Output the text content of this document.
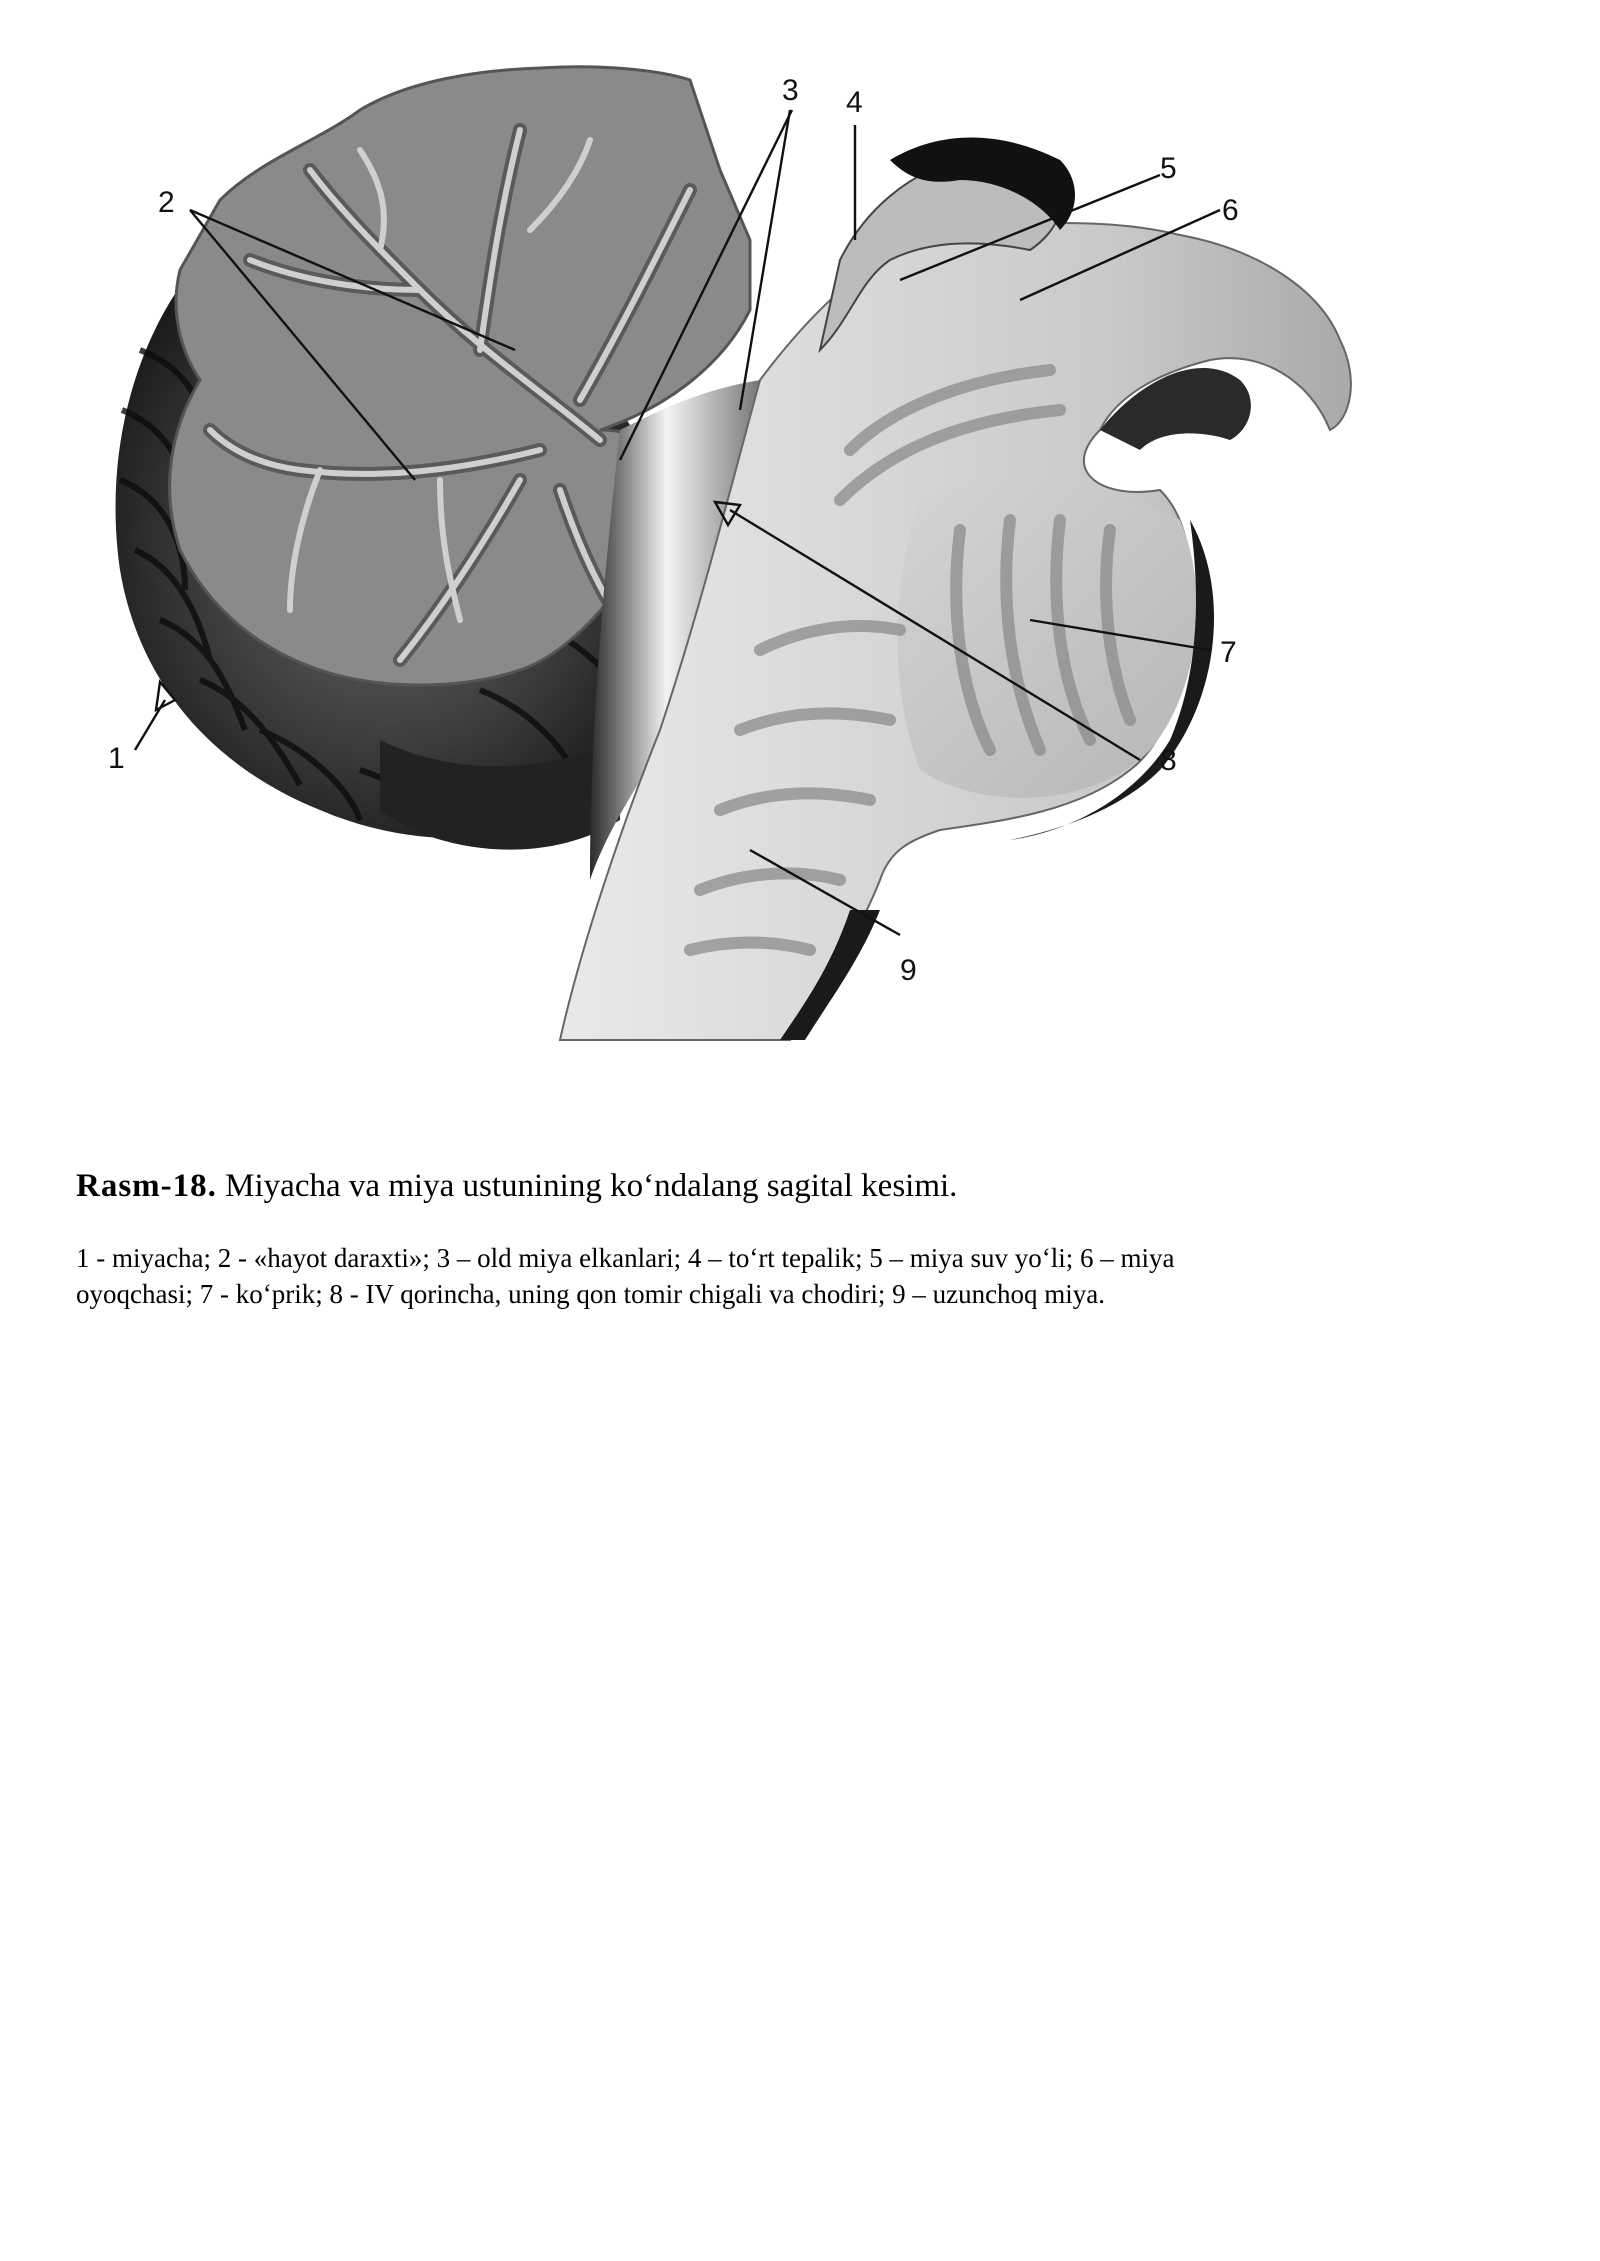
1
2
3 4
5
6
7
8
9

Rasm-18. Miyacha va miya ustunining ko‘ndalang sagital kesimi.

1 - miyacha; 2 - «hayot daraxti»; 3 – old miya elkanlari; 4 – to‘rt tepalik; 5 – miya suv yo‘li; 6 – miya
oyoqchasi; 7 - ko‘prik; 8 - IV qorincha, uning qon tomir chigali va chodiri; 9 – uzunchoq miya.
